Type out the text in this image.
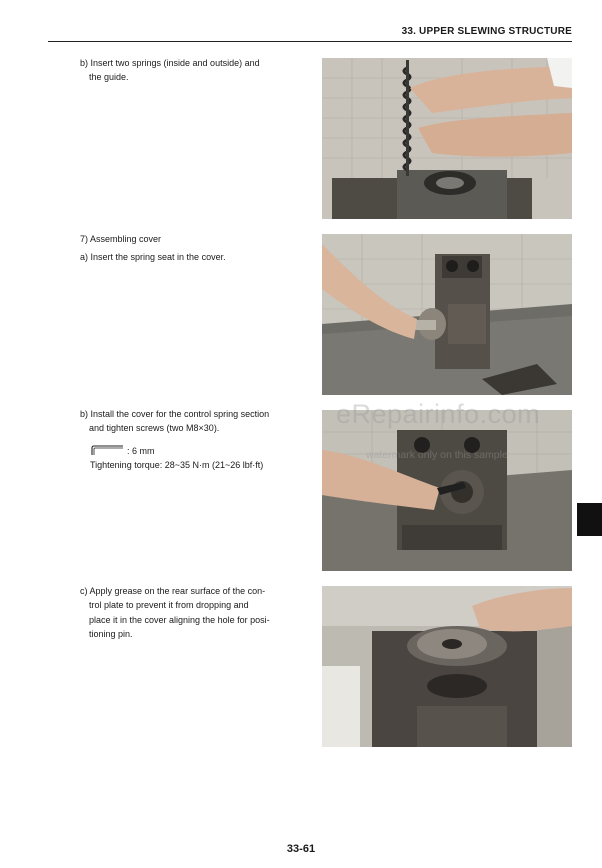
33. UPPER SLEWING STRUCTURE
b) Insert two springs (inside and outside) and
the guide.
7) Assembling cover
a) Insert the spring seat in the cover.
b) Install the cover for the control spring section
and tighten screws (two M8×30).
: 6 mm
Tightening torque: 28~35 N·m (21~26 lbf·ft)
c) Apply grease on the rear surface of the con-
trol plate to prevent it from dropping and
place it in the cover aligning the hole for posi-
tioning pin.
eRepairinfo.com
watermark only on this sample
33-61
